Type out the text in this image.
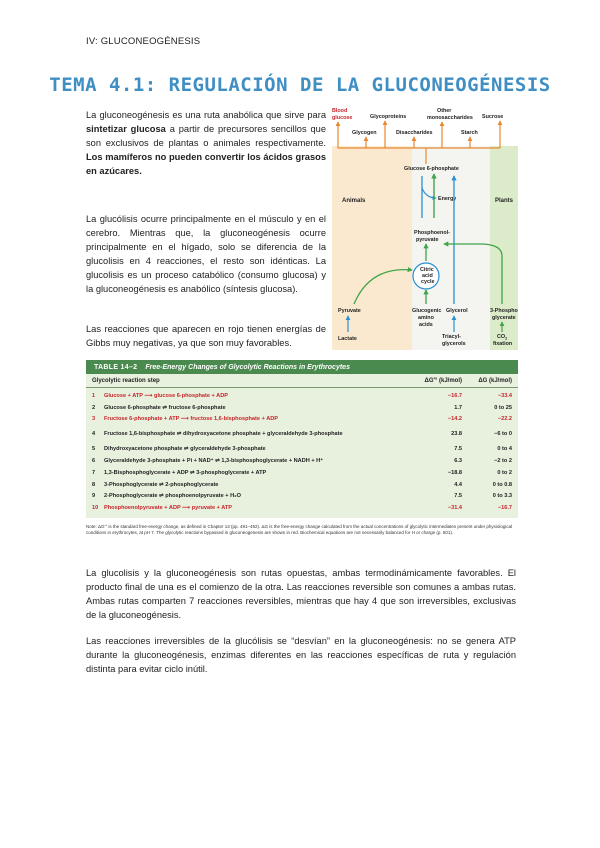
IV: GLUCONEOGÉNESIS
TEMA 4.1: REGULACIÓN DE LA GLUCONEOGÉNESIS
La gluconeogénesis es una ruta anabólica que sirve para sintetizar glucosa a partir de precursores sencillos que son exclusivos de plantas o animales respectivamente. Los mamíferos no pueden convertir los ácidos grasos en azúcares.
La glucólisis ocurre principalmente en el músculo y en el cerebro. Mientras que, la gluconeogénesis ocurre principalmente en el hígado, solo se diferencia de la glucolisis en 4 reacciones, el resto son idénticas. La glucolisis es un proceso catabólico (consumo glucosa) y la gluconeogénesis es anabólico (síntesis glucosa).
Las reacciones que aparecen en rojo tienen energías de Gibbs muy negativas, ya que son muy favorables.
Blood
glucose	Glycoproteins
Other
monosaccharides Sucrose
Glycogen	Disaccharides	Starch
Glucose 6-phosphate
Animals	Plants
Energy
Phosphoenol-
pyruvate
Citric
acid
cycle
Pyruvate	Glucogenic
amino
acids
Glycerol	3-Phospho-
glycerate
Lactate	Triacyl-
glycerols
$CO_2$
fixation
TABLE 14–2	Free-Energy Changes of Glycolytic Reactions in Erythrocytes
Glycolytic reaction step	ΔG′° (kJ/mol)	ΔG (kJ/mol)
1	Glucose + ATP ⟶ glucose 6-phosphate + ADP	−16.7	−33.4
2	Glucose 6-phosphate ⇌ fructose 6-phosphate	1.7	0 to 25
3	Fructose 6-phosphate + ATP ⟶ fructose 1,6-bisphosphate + ADP	−14.2	−22.2
4	Fructose 1,6-bisphosphate ⇌ dihydroxyacetone phosphate + glyceraldehyde 3-phosphate	23.8	−6 to 0
5	Dihydroxyacetone phosphate ⇌ glyceraldehyde 3-phosphate	7.5	0 to 4
6	Glyceraldehyde 3-phosphate + Pi + NAD⁺ ⇌ 1,3-bisphosphoglycerate + NADH + H⁺	6.3	−2 to 2
7	1,3-Bisphosphoglycerate + ADP ⇌ 3-phosphoglycerate + ATP	−18.8	0 to 2
8	3-Phosphoglycerate ⇌ 2-phosphoglycerate	4.4	0 to 0.8
9	2-Phosphoglycerate ⇌ phosphoenolpyruvate + H₂O	7.5	0 to 3.3
10	Phosphoenolpyruvate + ADP ⟶ pyruvate + ATP	−31.4	−16.7
Note: ΔG′° is the standard free-energy change, as defined in Chapter 13 (pp. 491–492). ΔG is the free-energy change calculated from the actual concentrations of glycolytic intermediates present under physiological conditions in erythrocytes, at pH 7. The glycolytic reactions bypassed in gluconeogenesis are shown in red. Biochemical equations are not necessarily balanced for H or charge (p. 501).
La glucolisis y la gluconeogénesis son rutas opuestas, ambas termodinámicamente favorables. El producto final de una es el comienzo de la otra. Las reacciones reversible son comunes a ambas rutas. Ambas rutas comparten 7 reacciones reversibles, mientras que hay 4 que son irreversibles, exclusivas de la gluconeogénesis.
Las reacciones irreversibles de la glucólisis se “desvían” en la gluconeogénesis: no se genera ATP durante la gluconeogénesis, enzimas diferentes en las reacciones específicas de ruta y regulación distinta para evitar ciclo inútil.
